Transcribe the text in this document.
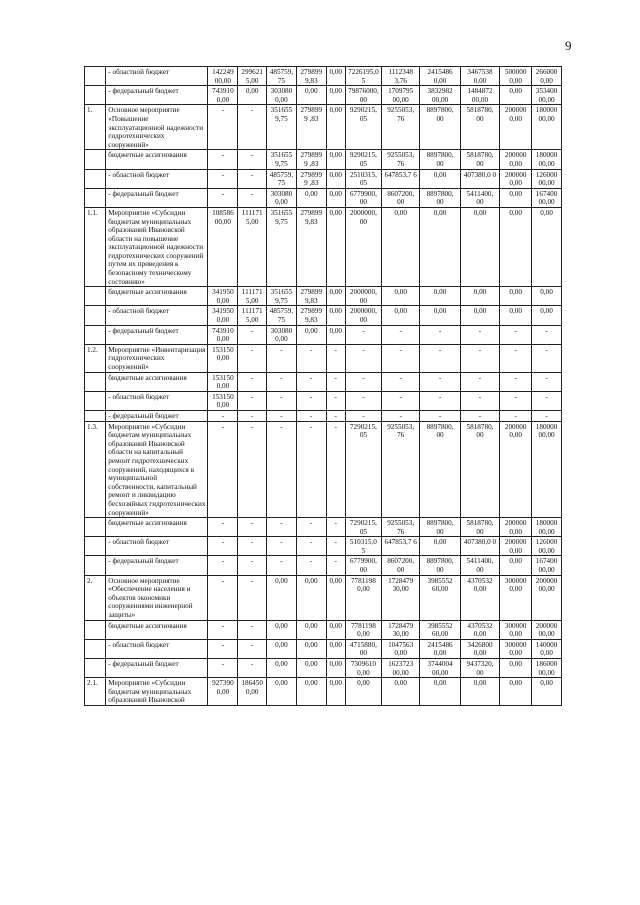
9
	- областной бюджет	142249 00,00	299621 5,00	485759, 75	279899 9,83	0,00	7226195,0 5	1112348 3,76	2415486 0,00	3467538 0,00	500000 0,00	266000 0,00
	- федеральный бюджет	743910 0,00	0,00	303080 0,00	0,00	0,00	79876000, 00	1709795 00,00	3832982 00,00	1484872 00,00	0,00	353400 00,00
1.	Основное мероприятие «Повышение эксплуатационной надежности гидротехнических сооружений»	-	-	351655 9,75	2798999 ,83	0,00	9290215, 05	9255053, 76	8897800, 00	5818780, 00	200000 0,00	180000 00,00
	бюджетные ассигнования	-	-	351655 9,75	2798999 ,83	0,00	9290215, 05	9255053, 76	8897800, 00	5818780, 00	200000 0,00	180000 00,00
	- областной бюджет	-	-	485759, 75	2798999 ,83	0,00	2510315, 05	647853,7 6	0,00	407380,0 0	200000 0,00	126000 00,00
	- федеральный бюджет	-	-	303080 0,00	0,00	0,00	6779900, 00	8607200, 00	8897800, 00	5411400, 00	0,00	167400 00,00
1.1.	Мероприятие «Субсидии бюджетам муниципальных образований Ивановской области на повышение эксплуатационной надежности гидротехнических сооружений путем их приведения к безопасному техническому состоянию»	108586 00,00	111171 5,00	351655 9,75	279899 9,83	0,00	2000000, 00	0,00	0,00	0,00	0,00	0,00
	бюджетные ассигнования	341950 0,00	111171 5,00	351655 9,75	279899 9,83	0,00	2000000, 00	0,00	0,00	0,00	0,00	0,00
	- областной бюджет	341950 0,00	111171 5,00	485759, 75	279899 9,83	0,00	2000000, 00	0,00	0,00	0,00	0,00	0,00
	- федеральный бюджет	743910 0,00	-	303080 0,00	0,00	0,00	-	-	-	-	-	-
1.2.	Мероприятие «Инвентаризация гидротехнических сооружений»	153150 0,00	-	-	-	-	-	-	-	-	-	-
	бюджетные ассигнования	153150 0,00	-	-	-	-	-	-	-	-	-	-
	- областной бюджет	153150 0,00	-	-	-	-	-	-	-	-	-	-
	- федеральный бюджет	-	-	-	-	-	-	-	-	-	-	-
1.3.	Мероприятие «Субсидии бюджетам муниципальных образований Ивановской области на капитальный ремонт гидротехнических сооружений, находящихся в муниципальной собственности, капитальный ремонт и ликвидацию бесхозяйных гидротехнических сооружений»	-	-	-	-	-	7290215, 05	9255053, 76	8897800, 00	5818780, 00	200000 0,00	180000 00,00
	бюджетные ассигнования	-	-	-	-	-	7290215, 05	9255053, 76	8897800, 00	5818780, 00	200000 0,00	180000 00,00
	- областной бюджет	-	-	-	-	-	510315,0 5	647853,7 6	0,00	407380,0 0	200000 0,00	126000 00,00
	- федеральный бюджет	-	-	-	-	-	6779900, 00	8607200, 00	8897800, 00	5411400, 00	0,00	167400 00,00
2.	Основное мероприятие «Обеспечение населения и объектов экономики сооружениями инженерной защиты»	-	-	0,00	0,00	0,00	7781198 0,00	1728479 30,00	3985552 60,00	4370532 0,00	300000 0,00	200000 00,00
	бюджетные ассигнования	-	-	0,00	0,00	0,00	7781198 0,00	1728479 30,00	3985552 60,00	4370532 0,00	300000 0,00	200000 00,00
	- областной бюджет	-	-	0,00	0,00	0,00	4715880, 00	1047563 0,00	2415486 0,00	3426800 0,00	300000 0,00	140000 0,00
	- федеральный бюджет	-	-	0,00	0,00	0,00	7309610 0,00	1623723 00,00	3744004 00,00	9437320, 00	0,00	186000 00,00
2.1.	Мероприятие «Субсидии бюджетам муниципальных образований Ивановской	927390 0,00	186450 0,00	0,00	0,00	0,00	0,00	0,00	0,00	0,00	0,00	0,00
